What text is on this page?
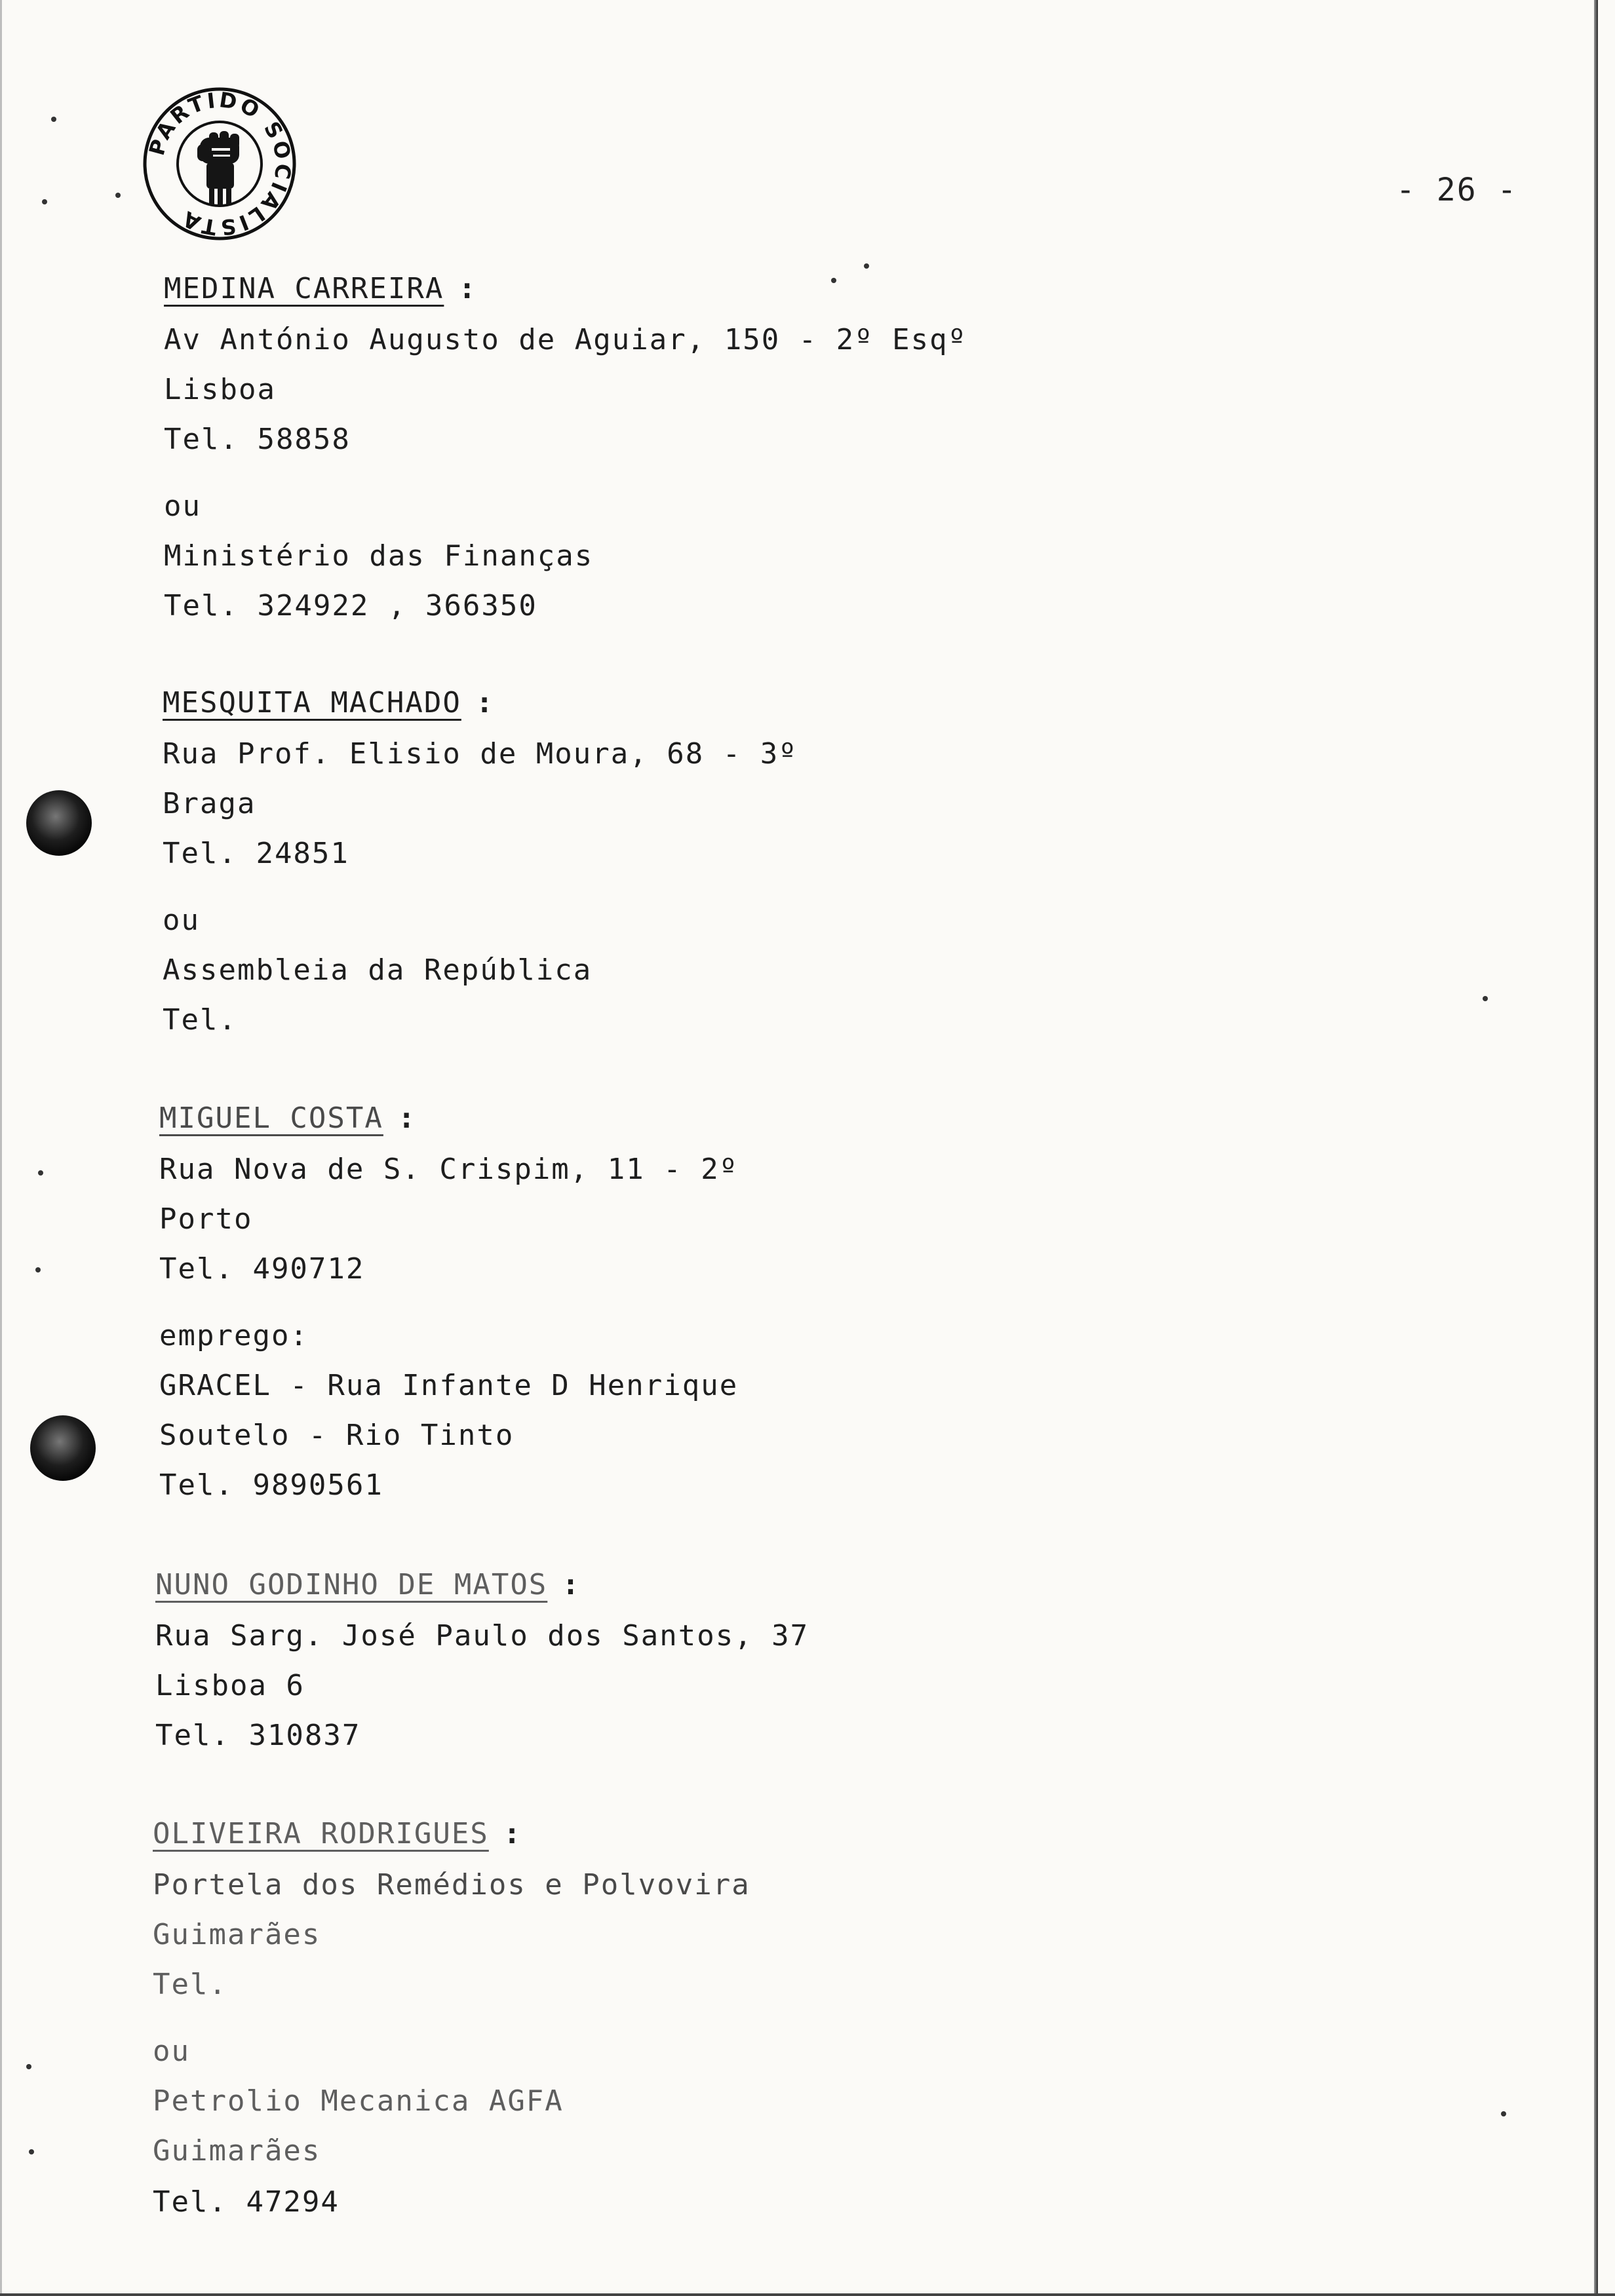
PARTIDO SOCIALISTA
- 26 -
MEDINA CARREIRA :
Av António Augusto de Aguiar, 150 - 2º Esqº
Lisboa
Tel. 58858
ou
Ministério das Finanças
Tel. 324922 , 366350
MESQUITA MACHADO :
Rua Prof. Elisio de Moura, 68 - 3º
Braga
Tel. 24851
ou
Assembleia da República
Tel.
MIGUEL COSTA :
Rua Nova de S. Crispim, 11 - 2º
Porto
Tel. 490712
emprego:
GRACEL - Rua Infante D Henrique
Soutelo - Rio Tinto
Tel. 9890561
NUNO GODINHO DE MATOS :
Rua Sarg. José Paulo dos Santos, 37
Lisboa 6
Tel. 310837
OLIVEIRA RODRIGUES :
Portela dos Remédios e Polvovira
Guimarães
Tel.
ou
Petrolio Mecanica AGFA
Guimarães
Tel. 47294
